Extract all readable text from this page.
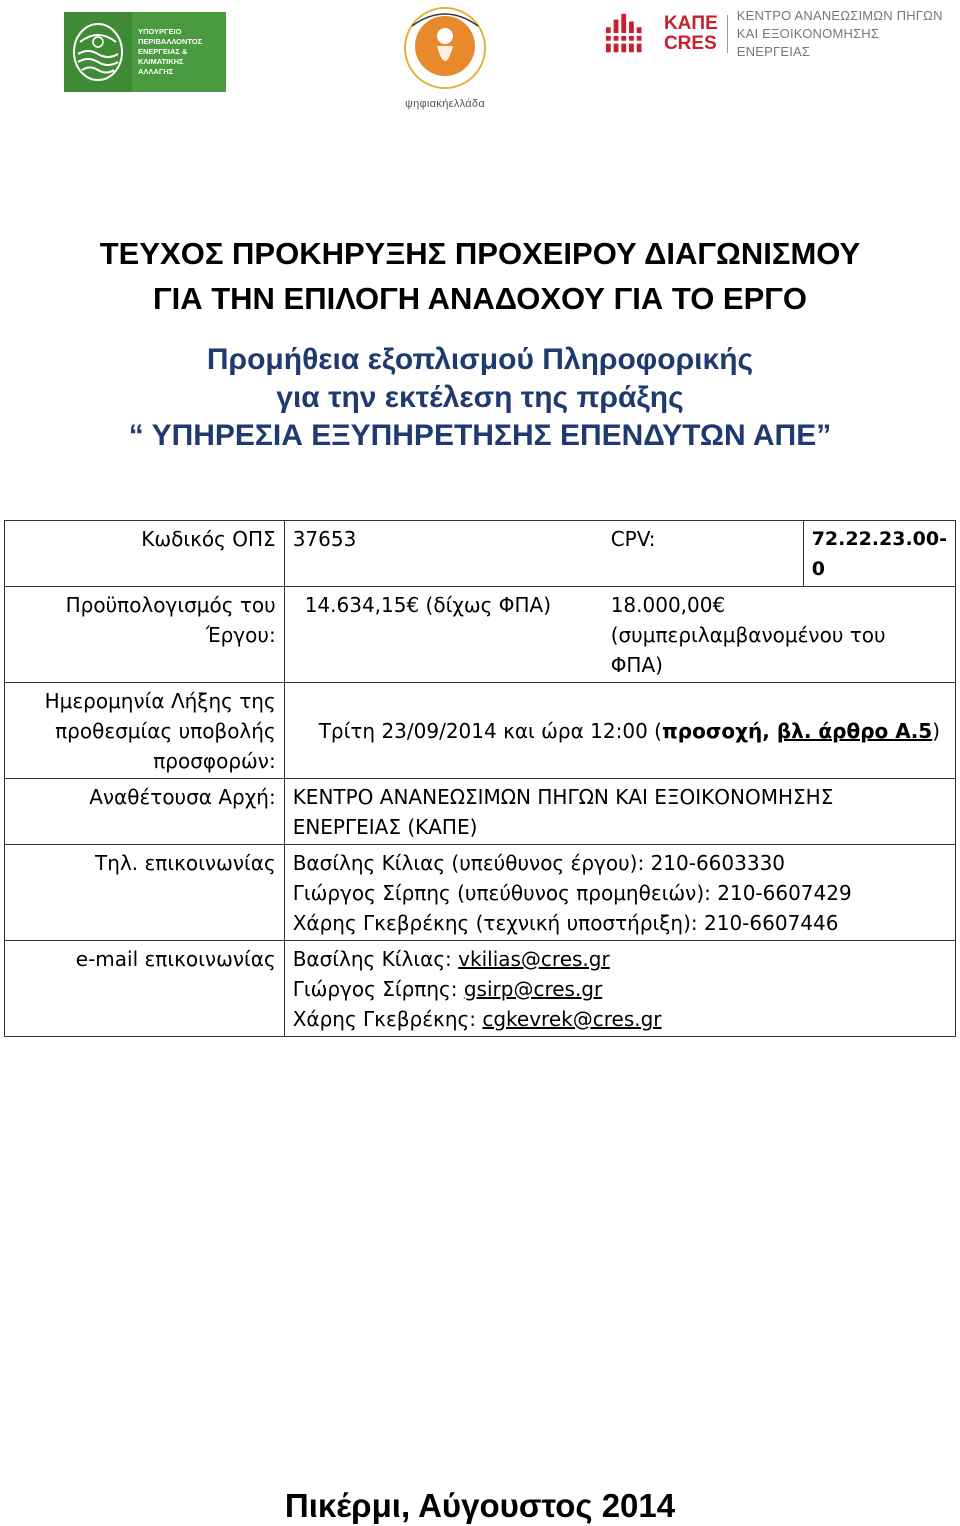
ΥΠΟΥΡΓΕΙΟ
ΠΕΡΙΒΑΛΛΟΝΤΟΣ
ΕΝΕΡΓΕΙΑΣ &
ΚΛΙΜΑΤΙΚΗΣ
ΑΛΛΑΓΗΣ
ψηφιακήελλάδα
ΚΑΠΕ
CRES
ΚΕΝΤΡΟ ΑΝΑΝΕΩΣΙΜΩΝ ΠΗΓΩΝ
ΚΑΙ ΕΞΟΙΚΟΝΟΜΗΣΗΣ ΕΝΕΡΓΕΙΑΣ
ΤΕΥΧΟΣ ΠΡΟΚΗΡΥΞΗΣ ΠΡΟΧΕΙΡΟΥ ΔΙΑΓΩΝΙΣΜΟΥ
ΓΙΑ ΤΗΝ ΕΠΙΛΟΓΗ ΑΝΑΔΟΧΟΥ ΓΙΑ ΤΟ ΕΡΓΟ
Προμήθεια εξοπλισμού Πληροφορικής
για την εκτέλεση της πράξης
“ ΥΠΗΡΕΣΙΑ ΕΞΥΠΗΡΕΤΗΣΗΣ ΕΠΕΝΔΥΤΩΝ ΑΠΕ”
Κωδικός ΟΠΣ	37653 CPV: 72.22.23.00-0

Προϋπολογισμός του Έργου:	14.634,15€ (δίχως ΦΠΑ) 18.000,00€
(συμπεριλαμβανομένου του ΦΠΑ)

Ημερομηνία Λήξης της προθεσμίας υποβολής προσφορών:	Τρίτη 23/09/2014 και ώρα 12:00 (προσοχή, βλ. άρθρο Α.5)
Αναθέτουσα Αρχή:	ΚΕΝΤΡΟ ΑΝΑΝΕΩΣΙΜΩΝ ΠΗΓΩΝ ΚΑΙ ΕΞΟΙΚΟΝΟΜΗΣΗΣ ΕΝΕΡΓΕΙΑΣ (ΚΑΠΕ)
Τηλ. επικοινωνίας	Βασίλης Κίλιας (υπεύθυνος έργου): 210-6603330
Γιώργος Σίρπης (υπεύθυνος προμηθειών): 210-6607429
Χάρης Γκεβρέκης (τεχνική υποστήριξη): 210-6607446

e-mail επικοινωνίας	Βασίλης Κίλιας: vkilias@cres.gr
Γιώργος Σίρπης: gsirp@cres.gr
Χάρης Γκεβρέκης: cgkevrek@cres.gr
Πικέρμι, Αύγουστος 2014
